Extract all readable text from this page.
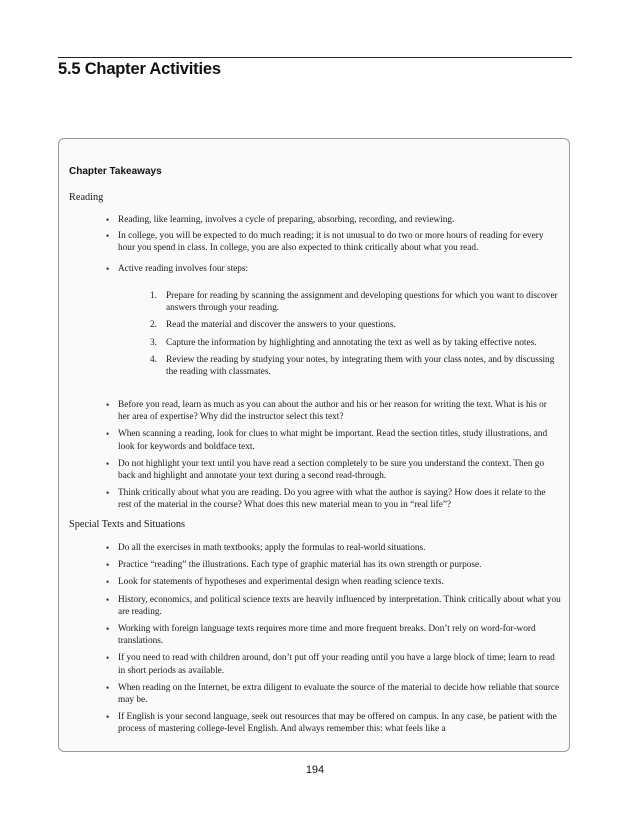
5.5 Chapter Activities
Chapter Takeaways
Reading
• Reading, like learning, involves a cycle of preparing, absorbing, recording, and reviewing.
• In college, you will be expected to do much reading; it is not unusual to do two or more hours of reading for every hour you spend in class. In college, you are also expected to think critically about what you read.
• Active reading involves four steps:
1. Prepare for reading by scanning the assignment and developing questions for which you want to discover answers through your reading.
2. Read the material and discover the answers to your questions.
3. Capture the information by highlighting and annotating the text as well as by taking effective notes.
4. Review the reading by studying your notes, by integrating them with your class notes, and by discussing the reading with classmates.
• Before you read, learn as much as you can about the author and his or her reason for writing the text. What is his or her area of expertise? Why did the instructor select this text?
• When scanning a reading, look for clues to what might be important. Read the section titles, study illustrations, and look for keywords and boldface text.
• Do not highlight your text until you have read a section completely to be sure you understand the context. Then go back and highlight and annotate your text during a second read-through.
• Think critically about what you are reading. Do you agree with what the author is saying? How does it relate to the rest of the material in the course? What does this new material mean to you in “real life”?
Special Texts and Situations
• Do all the exercises in math textbooks; apply the formulas to real-world situations.
• Practice “reading” the illustrations. Each type of graphic material has its own strength or purpose.
• Look for statements of hypotheses and experimental design when reading science texts.
• History, economics, and political science texts are heavily influenced by interpretation. Think critically about what you are reading.
• Working with foreign language texts requires more time and more frequent breaks. Don’t rely on word-for-word translations.
• If you need to read with children around, don’t put off your reading until you have a large block of time; learn to read in short periods as available.
• When reading on the Internet, be extra diligent to evaluate the source of the material to decide how reliable that source may be.
• If English is your second language, seek out resources that may be offered on campus. In any case, be patient with the process of mastering college-level English. And always remember this: what feels like a
194
